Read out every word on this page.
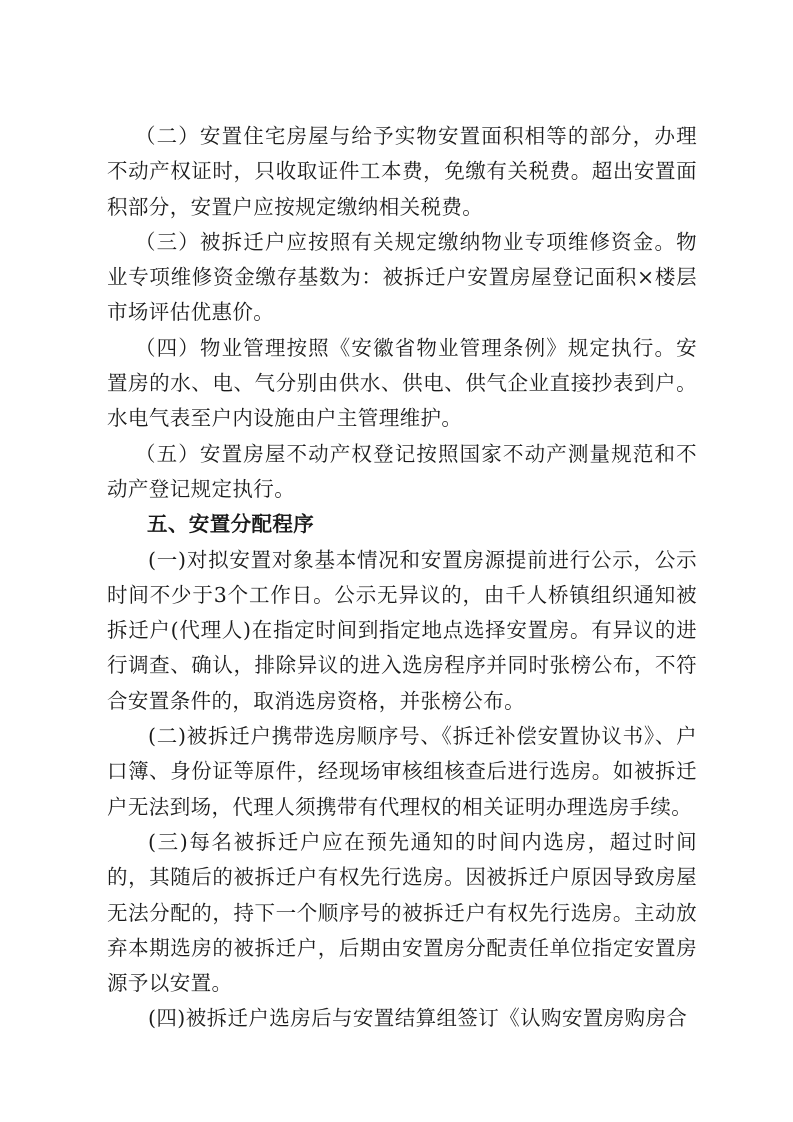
（二）安置住宅房屋与给予实物安置面积相等的部分，办理不动产权证时，只收取证件工本费，免缴有关税费。超出安置面积部分，安置户应按规定缴纳相关税费。

（三）被拆迁户应按照有关规定缴纳物业专项维修资金。物业专项维修资金缴存基数为：被拆迁户安置房屋登记面积×楼层市场评估优惠价。

（四）物业管理按照《安徽省物业管理条例》规定执行。安置房的水、电、气分别由供水、供电、供气企业直接抄表到户。水电气表至户内设施由户主管理维护。

（五）安置房屋不动产权登记按照国家不动产测量规范和不动产登记规定执行。

五、安置分配程序

(一)对拟安置对象基本情况和安置房源提前进行公示，公示时间不少于3个工作日。公示无异议的，由千人桥镇组织通知被拆迁户(代理人)在指定时间到指定地点选择安置房。有异议的进行调查、确认，排除异议的进入选房程序并同时张榜公布，不符合安置条件的，取消选房资格，并张榜公布。

(二)被拆迁户携带选房顺序号、《拆迁补偿安置协议书》、户口簿、身份证等原件，经现场审核组核查后进行选房。如被拆迁户无法到场，代理人须携带有代理权的相关证明办理选房手续。

(三)每名被拆迁户应在预先通知的时间内选房，超过时间的，其随后的被拆迁户有权先行选房。因被拆迁户原因导致房屋无法分配的，持下一个顺序号的被拆迁户有权先行选房。主动放弃本期选房的被拆迁户，后期由安置房分配责任单位指定安置房源予以安置。

(四)被拆迁户选房后与安置结算组签订《认购安置房购房合
